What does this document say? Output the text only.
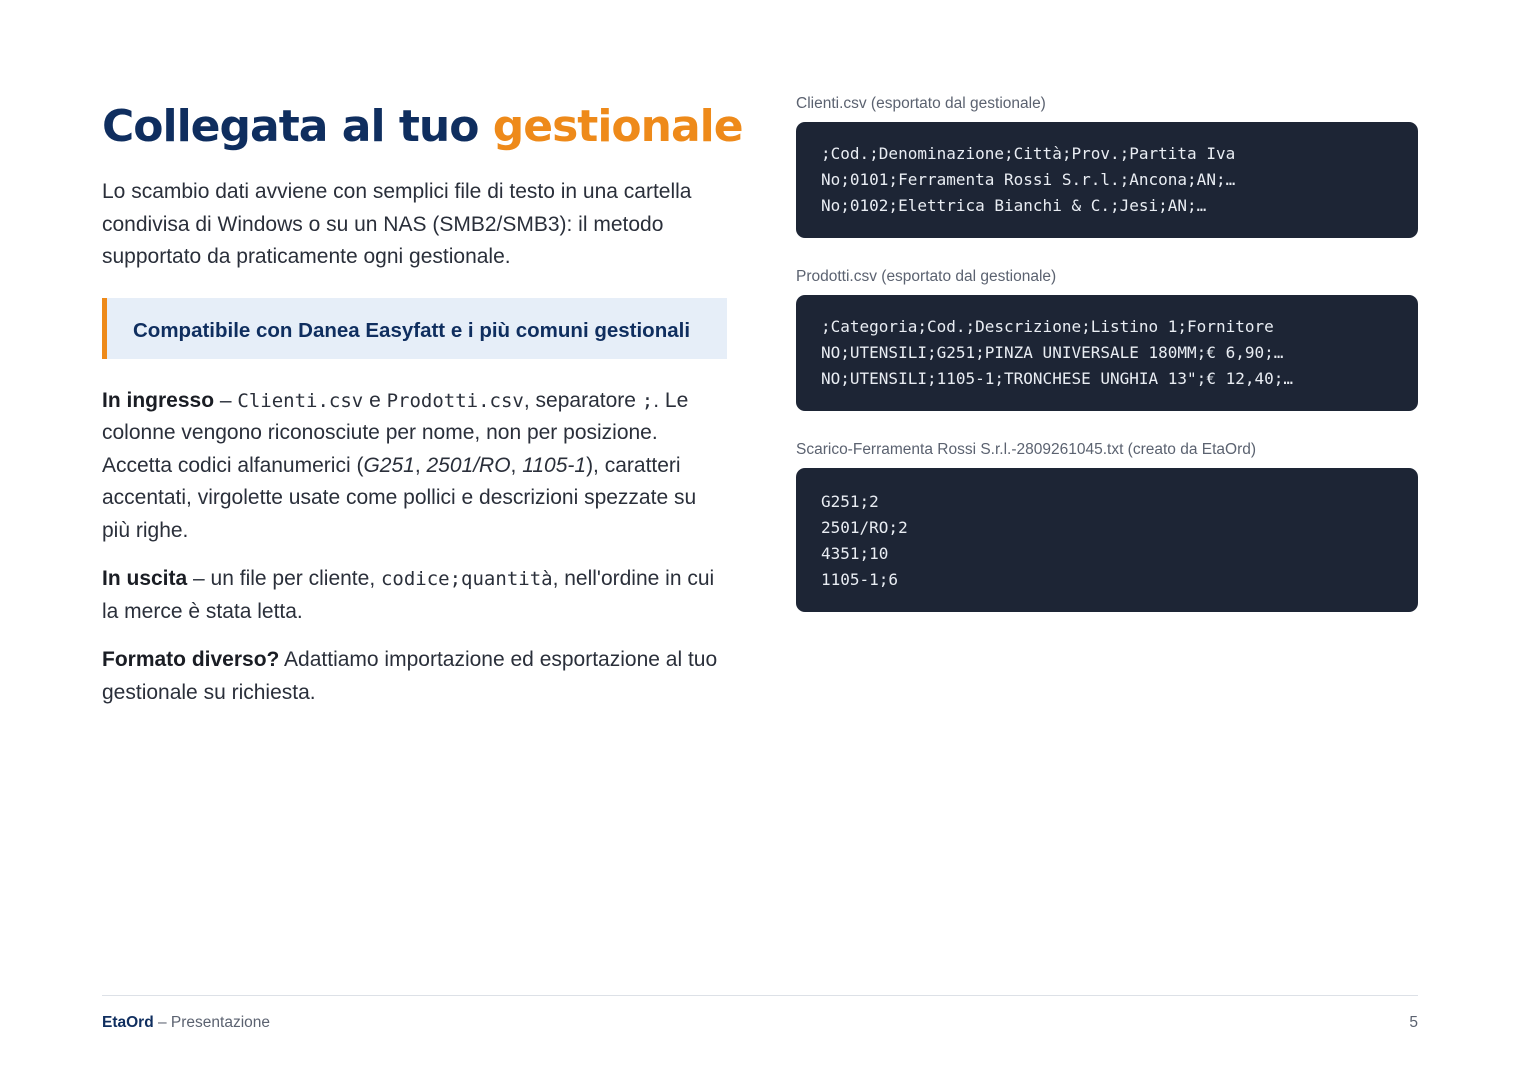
Collegata al tuo gestionale

Lo scambio dati avviene con semplici file di testo in una cartella condivisa di Windows o su un NAS (SMB2/SMB3): il metodo supportato da praticamente ogni gestionale.

Compatibile con Danea Easyfatt e i più comuni gestionali

In ingresso – Clienti.csv e Prodotti.csv, separatore ;. Le colonne vengono riconosciute per nome, non per posizione. Accetta codici alfanumerici (G251, 2501/RO, 1105-1), caratteri accentati, virgolette usate come pollici e descrizioni spezzate su più righe.

In uscita – un file per cliente, codice;quantità, nell'ordine in cui la merce è stata letta.

Formato diverso? Adattiamo importazione ed esportazione al tuo gestionale su richiesta.

Clienti.csv (esportato dal gestionale)
;Cod.;Denominazione;Città;Prov.;Partita Iva
No;0101;Ferramenta Rossi S.r.l.;Ancona;AN;…
No;0102;Elettrica Bianchi & C.;Jesi;AN;…
Prodotti.csv (esportato dal gestionale)
;Categoria;Cod.;Descrizione;Listino 1;Fornitore
NO;UTENSILI;G251;PINZA UNIVERSALE 180MM;€ 6,90;…
NO;UTENSILI;1105-1;TRONCHESE UNGHIA 13";€ 12,40;…
Scarico-Ferramenta Rossi S.r.l.-2809261045.txt (creato da EtaOrd)
G251;2
2501/RO;2
4351;10
1105-1;6
EtaOrd – Presentazione	5
